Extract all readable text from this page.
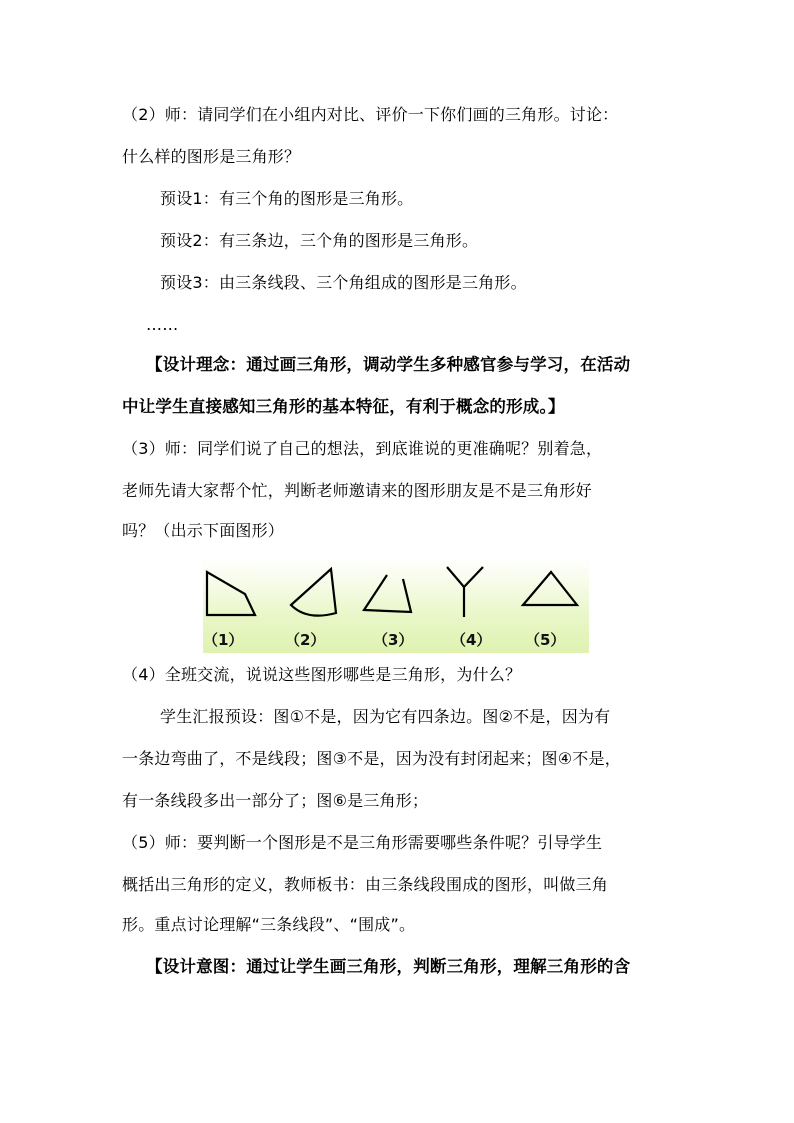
（2）师：请同学们在小组内对比、评价一下你们画的三角形。讨论：
什么样的图形是三角形？
预设1：有三个角的图形是三角形。
预设2：有三条边，三个角的图形是三角形。
预设3：由三条线段、三个角组成的图形是三角形。
……
【设计理念：通过画三角形，调动学生多种感官参与学习，在活动
中让学生直接感知三角形的基本特征，有利于概念的形成。】
（3）师：同学们说了自己的想法，到底谁说的更准确呢？别着急，
老师先请大家帮个忙，判断老师邀请来的图形朋友是不是三角形好
吗？（出示下面图形）
（1）	（2）	（3）	（4） （5）
（4）全班交流，说说这些图形哪些是三角形，为什么？
学生汇报预设：图①不是，因为它有四条边。图②不是，因为有
一条边弯曲了，不是线段；图③不是，因为没有封闭起来；图④不是，
有一条线段多出一部分了；图⑥是三角形；
（5）师：要判断一个图形是不是三角形需要哪些条件呢？引导学生
概括出三角形的定义，教师板书：由三条线段围成的图形，叫做三角
形。重点讨论理解“三条线段”、“围成”。
【设计意图：通过让学生画三角形，判断三角形，理解三角形的含
